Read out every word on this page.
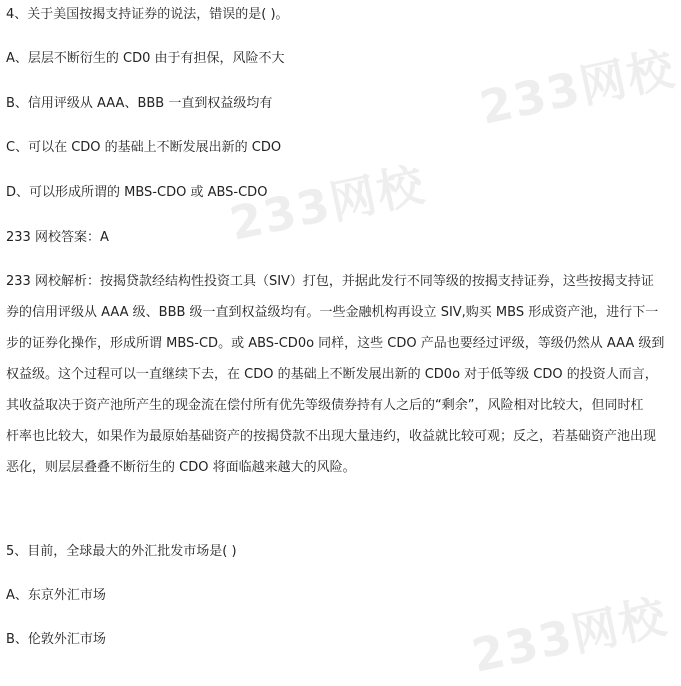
233网校
233网校
233网校
4、关于美国按揭支持证券的说法，错误的是( )。
A、层层不断衍生的 CD0 由于有担保，风险不大
B、信用评级从 AAA、BBB 一直到权益级均有
C、可以在 CDO 的基础上不断发展出新的 CDO
D、可以形成所谓的 MBS-CDO 或 ABS-CDO
233 网校答案：A
233 网校解析：按揭贷款经结构性投资工具（SIV）打包，并据此发行不同等级的按揭支持证券，这些按揭支持证
券的信用评级从 AAA 级、BBB 级一直到权益级均有。一些金融机构再设立 SIV,购买 MBS 形成资产池，进行下一
步的证券化操作，形成所谓 MBS-CD。或 ABS-CD0o 同样，这些 CDO 产品也要经过评级，等级仍然从 AAA 级到
权益级。这个过程可以一直继续下去，在 CDO 的基础上不断发展出新的 CD0o 对于低等级 CDO 的投资人而言，
其收益取决于资产池所产生的现金流在偿付所有优先等级债券持有人之后的“剩余”，风险相对比较大，但同时杠
杆率也比较大，如果作为最原始基础资产的按揭贷款不出现大量违约，收益就比较可观；反之，若基础资产池出现
恶化，则层层叠叠不断衍生的 CDO 将面临越来越大的风险。
5、目前，全球最大的外汇批发市场是( )
A、东京外汇市场
B、伦敦外汇市场
